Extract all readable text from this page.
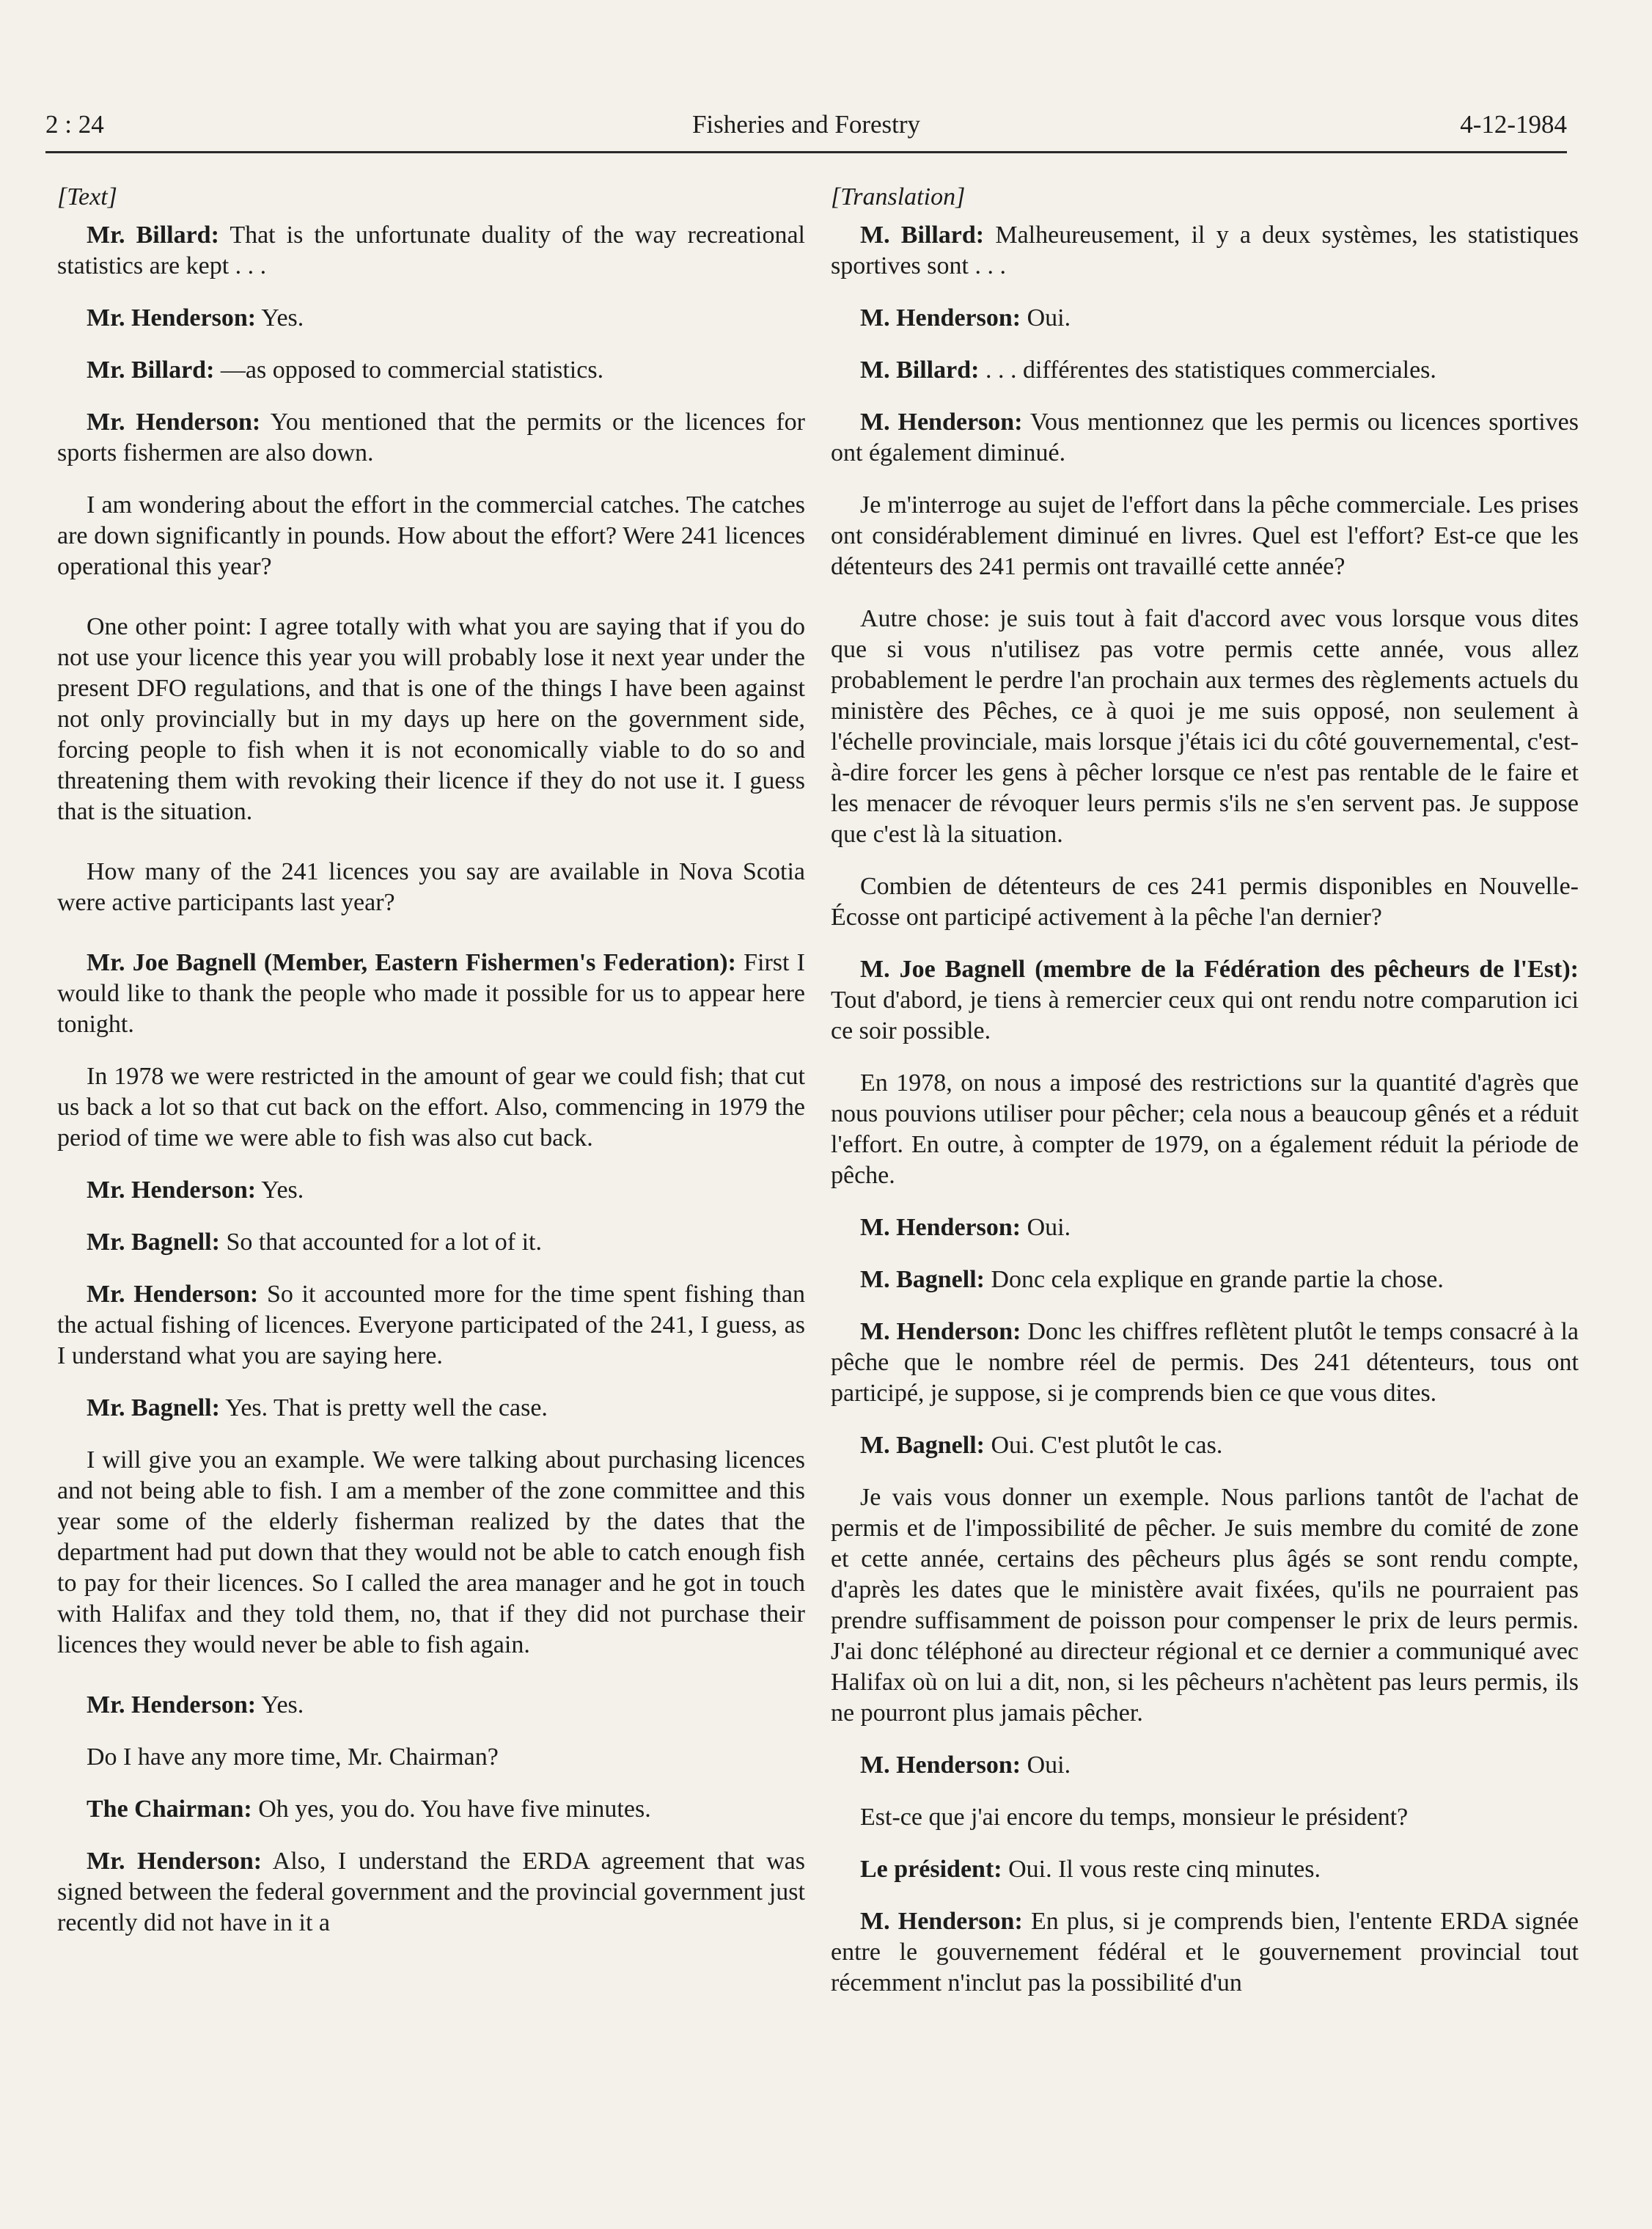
2 : 24	Fisheries and Forestry	4-12-1984

[Text]

Mr. Billard: That is the unfortunate duality of the way recreational statistics are kept . . .

Mr. Henderson: Yes.

Mr. Billard: —as opposed to commercial statistics.

Mr. Henderson: You mentioned that the permits or the licences for sports fishermen are also down.

I am wondering about the effort in the commercial catches. The catches are down significantly in pounds. How about the effort? Were 241 licences operational this year?

One other point: I agree totally with what you are saying that if you do not use your licence this year you will probably lose it next year under the present DFO regulations, and that is one of the things I have been against not only provincially but in my days up here on the government side, forcing people to fish when it is not economically viable to do so and threatening them with revoking their licence if they do not use it. I guess that is the situation.

How many of the 241 licences you say are available in Nova Scotia were active participants last year?

Mr. Joe Bagnell (Member, Eastern Fishermen's Federation): First I would like to thank the people who made it possible for us to appear here tonight.

In 1978 we were restricted in the amount of gear we could fish; that cut us back a lot so that cut back on the effort. Also, commencing in 1979 the period of time we were able to fish was also cut back.

Mr. Henderson: Yes.

Mr. Bagnell: So that accounted for a lot of it.

Mr. Henderson: So it accounted more for the time spent fishing than the actual fishing of licences. Everyone participated of the 241, I guess, as I understand what you are saying here.

Mr. Bagnell: Yes. That is pretty well the case.

I will give you an example. We were talking about purchasing licences and not being able to fish. I am a member of the zone committee and this year some of the elderly fisherman realized by the dates that the department had put down that they would not be able to catch enough fish to pay for their licences. So I called the area manager and he got in touch with Halifax and they told them, no, that if they did not purchase their licences they would never be able to fish again.

Mr. Henderson: Yes.

Do I have any more time, Mr. Chairman?

The Chairman: Oh yes, you do. You have five minutes.

Mr. Henderson: Also, I understand the ERDA agreement that was signed between the federal government and the provincial government just recently did not have in it a

[Translation]

M. Billard: Malheureusement, il y a deux systèmes, les statistiques sportives sont . . .

M. Henderson: Oui.

M. Billard: . . . différentes des statistiques commerciales.

M. Henderson: Vous mentionnez que les permis ou licences sportives ont également diminué.

Je m'interroge au sujet de l'effort dans la pêche commerciale. Les prises ont considérablement diminué en livres. Quel est l'effort? Est-ce que les détenteurs des 241 permis ont travaillé cette année?

Autre chose: je suis tout à fait d'accord avec vous lorsque vous dites que si vous n'utilisez pas votre permis cette année, vous allez probablement le perdre l'an prochain aux termes des règlements actuels du ministère des Pêches, ce à quoi je me suis opposé, non seulement à l'échelle provinciale, mais lorsque j'étais ici du côté gouvernemental, c'est-à-dire forcer les gens à pêcher lorsque ce n'est pas rentable de le faire et les menacer de révoquer leurs permis s'ils ne s'en servent pas. Je suppose que c'est là la situation.

Combien de détenteurs de ces 241 permis disponibles en Nouvelle-Écosse ont participé activement à la pêche l'an dernier?

M. Joe Bagnell (membre de la Fédération des pêcheurs de l'Est): Tout d'abord, je tiens à remercier ceux qui ont rendu notre comparution ici ce soir possible.

En 1978, on nous a imposé des restrictions sur la quantité d'agrès que nous pouvions utiliser pour pêcher; cela nous a beaucoup gênés et a réduit l'effort. En outre, à compter de 1979, on a également réduit la période de pêche.

M. Henderson: Oui.

M. Bagnell: Donc cela explique en grande partie la chose.

M. Henderson: Donc les chiffres reflètent plutôt le temps consacré à la pêche que le nombre réel de permis. Des 241 détenteurs, tous ont participé, je suppose, si je comprends bien ce que vous dites.

M. Bagnell: Oui. C'est plutôt le cas.

Je vais vous donner un exemple. Nous parlions tantôt de l'achat de permis et de l'impossibilité de pêcher. Je suis membre du comité de zone et cette année, certains des pêcheurs plus âgés se sont rendu compte, d'après les dates que le ministère avait fixées, qu'ils ne pourraient pas prendre suffisamment de poisson pour compenser le prix de leurs permis. J'ai donc téléphoné au directeur régional et ce dernier a communiqué avec Halifax où on lui a dit, non, si les pêcheurs n'achètent pas leurs permis, ils ne pourront plus jamais pêcher.

M. Henderson: Oui.

Est-ce que j'ai encore du temps, monsieur le président?

Le président: Oui. Il vous reste cinq minutes.

M. Henderson: En plus, si je comprends bien, l'entente ERDA signée entre le gouvernement fédéral et le gouvernement provincial tout récemment n'inclut pas la possibilité d'un
